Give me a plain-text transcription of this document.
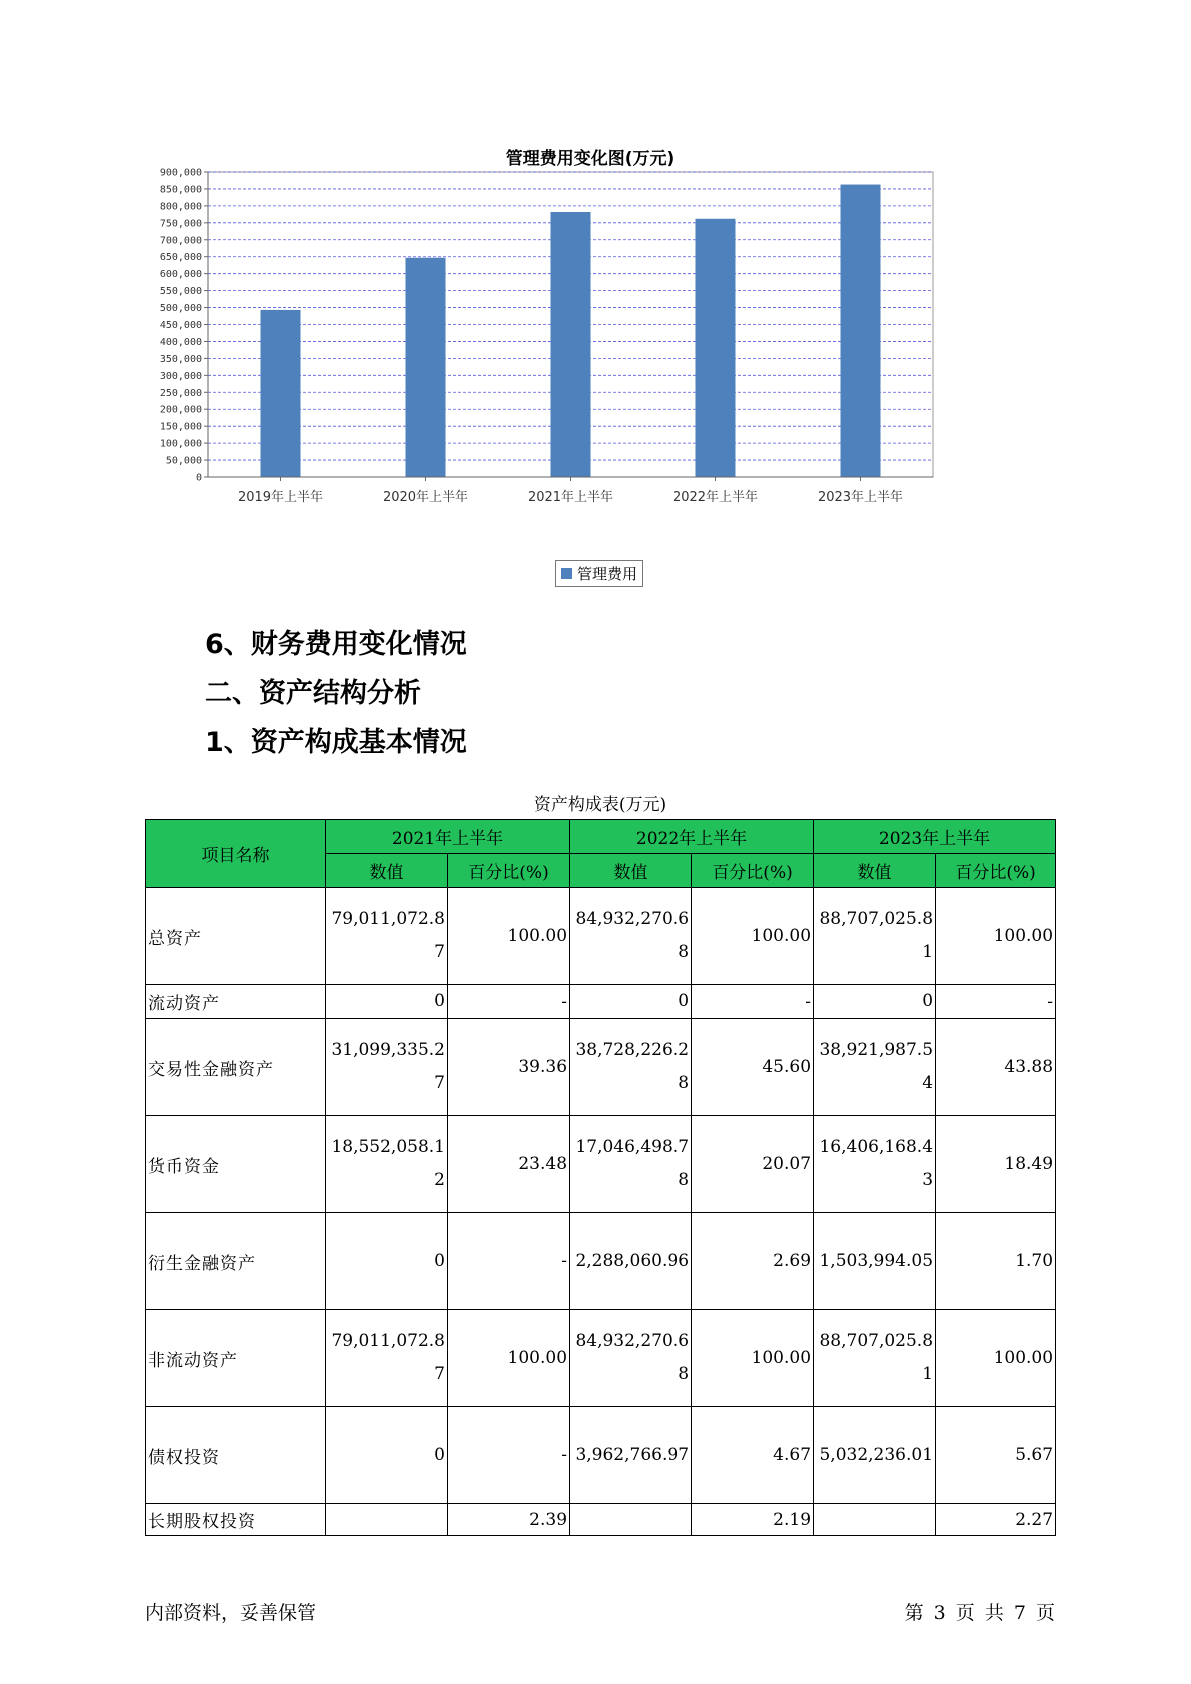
0
50,000
100,000
150,000
200,000
250,000
300,000
350,000
400,000
450,000
500,000
550,000
600,000
650,000
700,000
750,000
800,000
850,000
900,000
2019年上半年	2020年上半年	2021年上半年	2022年上半年	2023年上半年
管理费用变化图(万元)
管理费用
6、财务费用变化情况
二、资产结构分析
1、资产构成基本情况
资产构成表(万元)
项目名称	2021年上半年		2022年上半年		2023年上半年	
	数值	百分比(%)	数值	百分比(%)	数值	百分比(%)
总资产	79,011,072.87	100.00	84,932,270.68	100.00	88,707,025.81	100.00
流动资产	0	-	0	-	0	-
交易性金融资产	31,099,335.27	39.36	38,728,226.28	45.60	38,921,987.54	43.88
货币资金	18,552,058.12	23.48	17,046,498.78	20.07	16,406,168.43	18.49
衍生金融资产	0	-	2,288,060.96	2.69	1,503,994.05	1.70
非流动资产	79,011,072.87	100.00	84,932,270.68	100.00	88,707,025.81	100.00
债权投资	0	-	3,962,766.97	4.67	5,032,236.01	5.67
长期股权投资		2.39		2.19		2.27
内部资料，妥善保管	第 3 页 共 7 页
